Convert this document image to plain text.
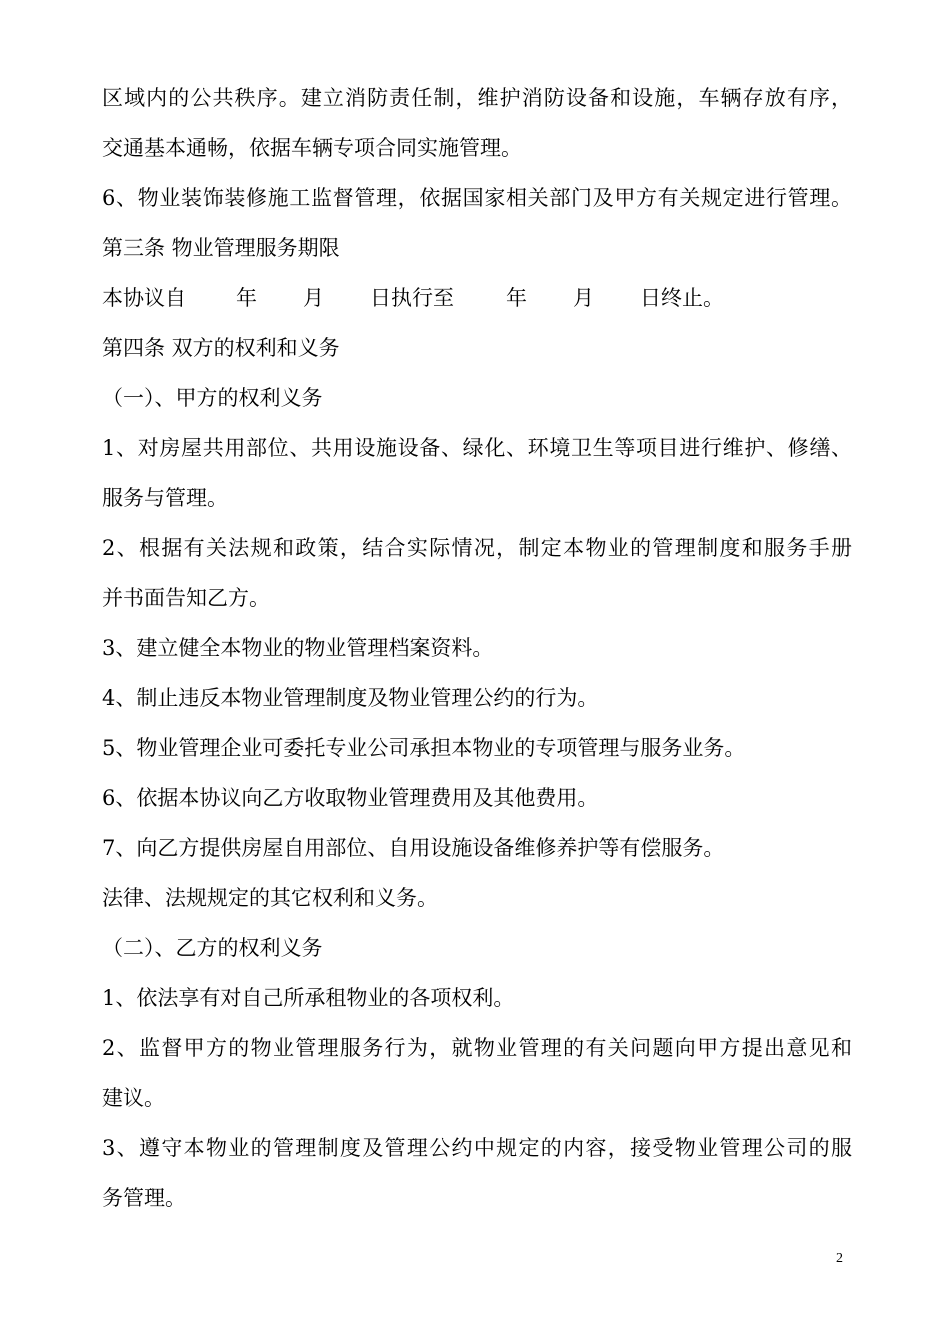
区域内的公共秩序。建立消防责任制，维护消防设备和设施，车辆存放有序，
交通基本通畅，依据车辆专项合同实施管理。
6、物业装饰装修施工监督管理，依据国家相关部门及甲方有关规定进行管理。
第三条 物业管理服务期限
本协议自	年	月	日执行至	年	月	日终止。
第四条 双方的权利和义务
（一）、甲方的权利义务
1、对房屋共用部位、共用设施设备、绿化、环境卫生等项目进行维护、修缮、
服务与管理。
2、根据有关法规和政策，结合实际情况，制定本物业的管理制度和服务手册
并书面告知乙方。
3、建立健全本物业的物业管理档案资料。
4、制止违反本物业管理制度及物业管理公约的行为。
5、物业管理企业可委托专业公司承担本物业的专项管理与服务业务。
6、依据本协议向乙方收取物业管理费用及其他费用。
7、向乙方提供房屋自用部位、自用设施设备维修养护等有偿服务。
法律、法规规定的其它权利和义务。
（二）、乙方的权利义务
1、依法享有对自己所承租物业的各项权利。
2、监督甲方的物业管理服务行为，就物业管理的有关问题向甲方提出意见和
建议。
3、遵守本物业的管理制度及管理公约中规定的内容，接受物业管理公司的服
务管理。
2
